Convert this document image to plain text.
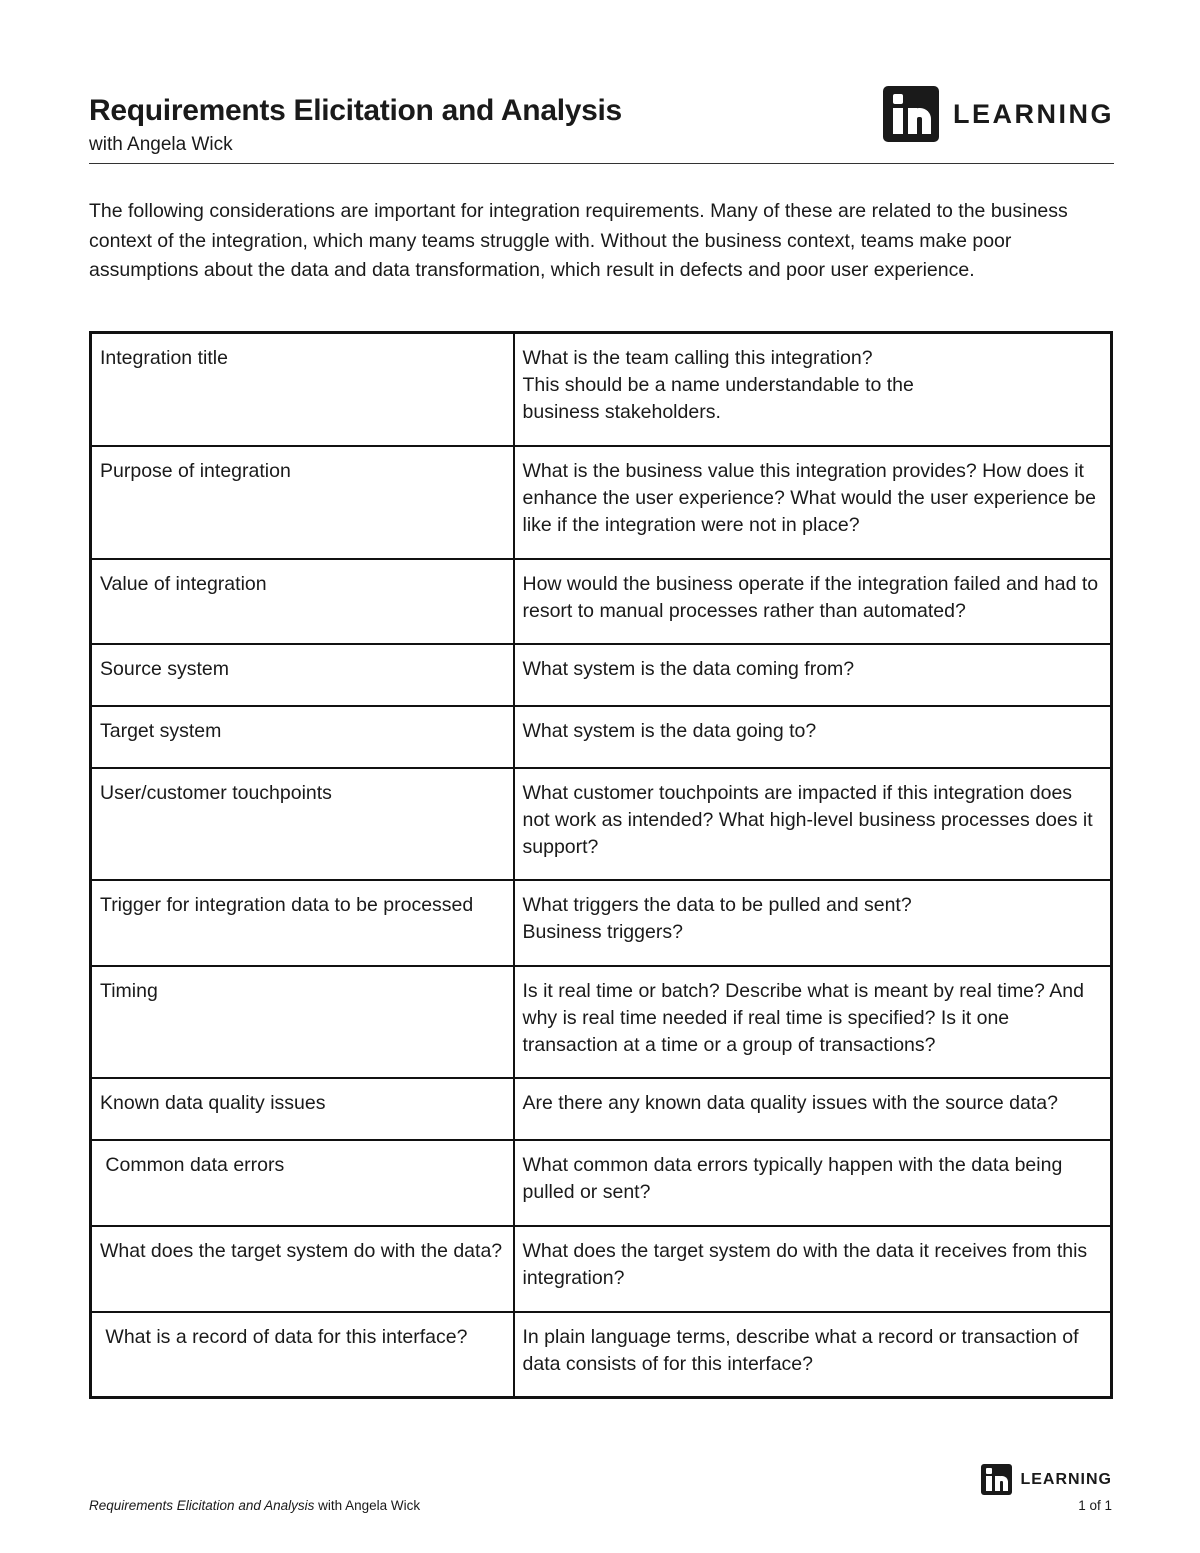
Requirements Elicitation and Analysis
with Angela Wick
LEARNING

The following considerations are important for integration requirements. Many of these are related to the business context of the integration, which many teams struggle with. Without the business context, teams make poor assumptions about the data and data transformation, which result in defects and poor user experience.

Integration title	What is the team calling this integration?
This should be a name understandable to the
business stakeholders.

Purpose of integration	What is the business value this integration provides? How does it enhance the user experience? What would the user experience be like if the integration were not in place?

Value of integration	How would the business operate if the integration failed and had to resort to manual processes rather than automated?

Source system	What system is the data coming from?

Target system	What system is the data going to?

User/customer touchpoints	What customer touchpoints are impacted if this integration does not work as intended? What high-level business processes does it support?

Trigger for integration data to be processed	What triggers the data to be pulled and sent?
Business triggers?

Timing	Is it real time or batch? Describe what is meant by real time? And why is real time needed if real time is specified? Is it one transaction at a time or a group of transactions?

Known data quality issues	Are there any known data quality issues with the source data?

Common data errors	What common data errors typically happen with the data being pulled or sent?

What does the target system do with the data?	What does the target system do with the data it receives from this integration?

What is a record of data for this interface?	In plain language terms, describe what a record or transaction of data consists of for this interface?
LEARNING
Requirements Elicitation and Analysis with Angela Wick	1 of 1
